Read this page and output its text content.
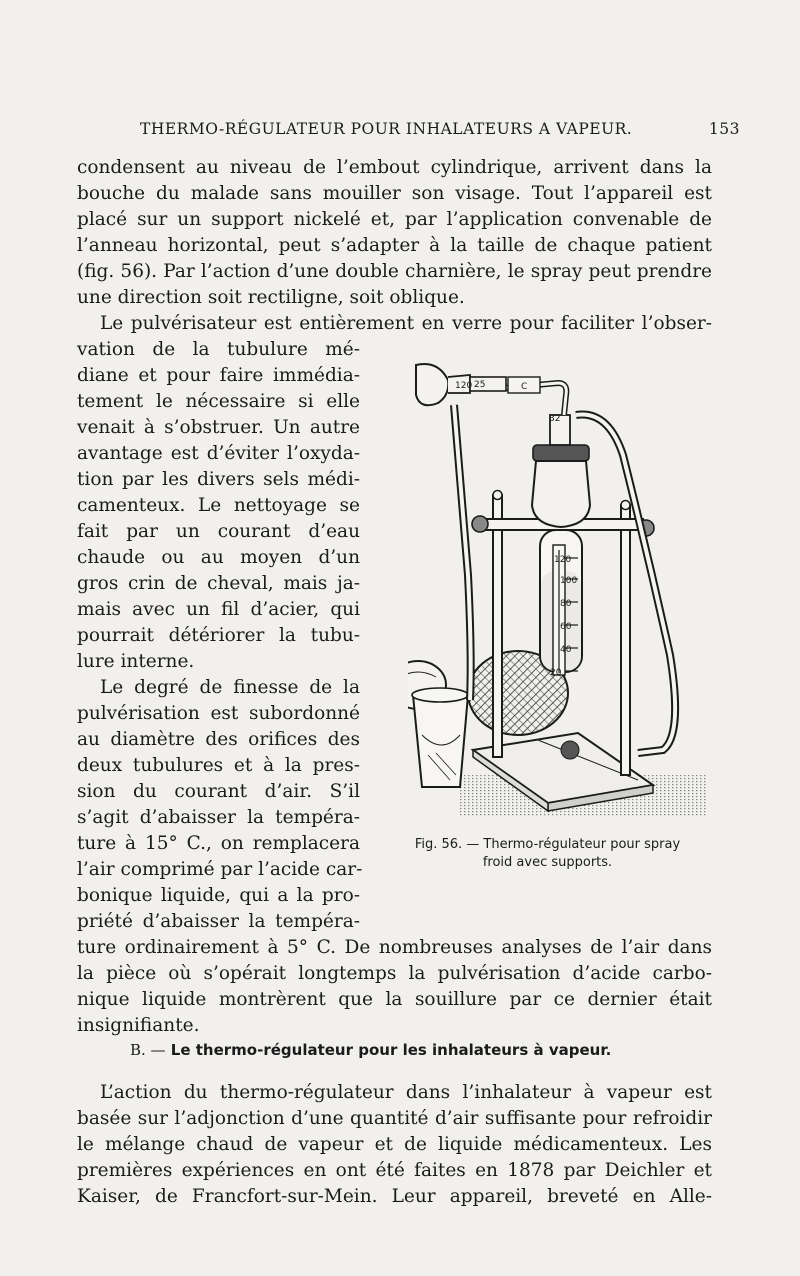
THERMO-RÉGULATEUR POUR INHALATEURS A VAPEUR.	153
condensent au niveau de l’embout cylindrique, arrivent dans la
bouche du malade sans mouiller son visage. Tout l’appareil est
placé sur un support nickelé et, par l’application convenable de
l’anneau horizontal, peut s’adapter à la taille de chaque patient
(fig. 56). Par l’action d’une double charnière, le spray peut prendre
une direction soit rectiligne, soit oblique.
Le pulvérisateur est entièrement en verre pour faciliter l’obser-
vation de la tubulure mé-
diane et pour faire immédia-
tement le nécessaire si elle
venait à s’obstruer. Un autre
avantage est d’éviter l’oxyda-
tion par les divers sels médi-
camenteux. Le nettoyage se
fait par un courant d’eau
chaude ou au moyen d’un
gros crin de cheval, mais ja-
mais avec un fil d’acier, qui
pourrait détériorer la tubu-
lure interne.
Le degré de finesse de la
pulvérisation est subordonné
au diamètre des orifices des
deux tubulures et à la pres-
sion du courant d’air. S’il
s’agit d’abaisser la tempéra-
ture à 15° C., on remplacera
l’air comprimé par l’acide car-
bonique liquide, qui a la pro-
priété d’abaisser la tempéra-
ture ordinairement à 5° C. De nombreuses analyses de l’air dans
la pièce où s’opérait longtemps la pulvérisation d’acide carbo-
nique liquide montrèrent que la souillure par ce dernier était
insignifiante.
120
100
80
60
40
20
120 25	C
32
Fig. 56. — Thermo-régulateur pour spray
froid avec supports.
B. — Le thermo-régulateur pour les inhalateurs à vapeur.
L’action du thermo-régulateur dans l’inhalateur à vapeur est
basée sur l’adjonction d’une quantité d’air suffisante pour refroidir
le mélange chaud de vapeur et de liquide médicamenteux. Les
premières expériences en ont été faites en 1878 par Deichler et
Kaiser, de Francfort-sur-Mein. Leur appareil, breveté en Alle-
